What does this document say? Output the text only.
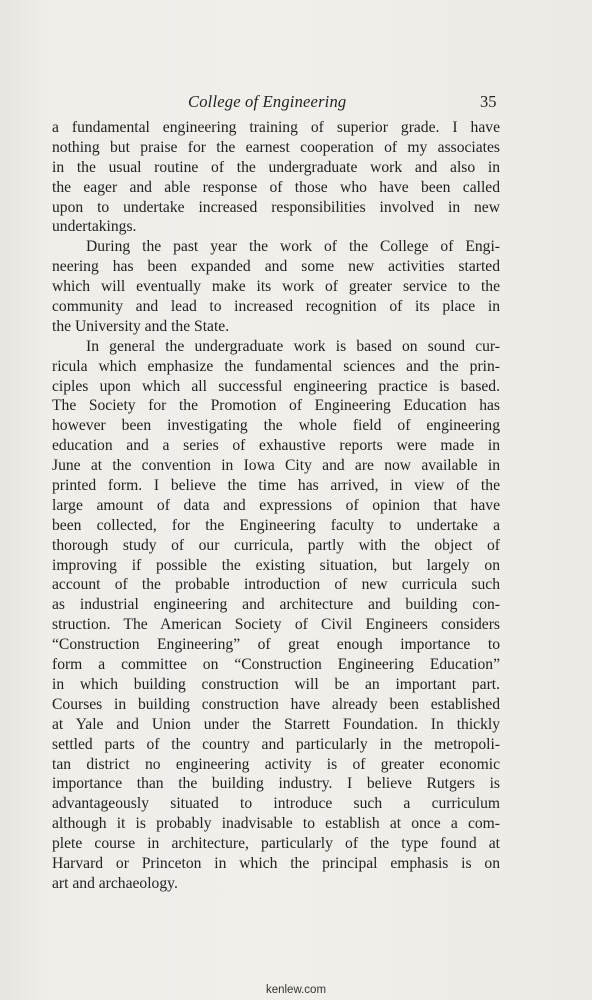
College of Engineering	35
a fundamental engineering training of superior grade. I have
nothing but praise for the earnest cooperation of my associates
in the usual routine of the undergraduate work and also in
the eager and able response of those who have been called
upon to undertake increased responsibilities involved in new
undertakings.
During the past year the work of the College of Engi-
neering has been expanded and some new activities started
which will eventually make its work of greater service to the
community and lead to increased recognition of its place in
the University and the State.
In general the undergraduate work is based on sound cur-
ricula which emphasize the fundamental sciences and the prin-
ciples upon which all successful engineering practice is based.
The Society for the Promotion of Engineering Education has
however been investigating the whole field of engineering
education and a series of exhaustive reports were made in
June at the convention in Iowa City and are now available in
printed form. I believe the time has arrived, in view of the
large amount of data and expressions of opinion that have
been collected, for the Engineering faculty to undertake a
thorough study of our curricula, partly with the object of
improving if possible the existing situation, but largely on
account of the probable introduction of new curricula such
as industrial engineering and architecture and building con-
struction. The American Society of Civil Engineers considers
“Construction Engineering” of great enough importance to
form a committee on “Construction Engineering Education”
in which building construction will be an important part.
Courses in building construction have already been established
at Yale and Union under the Starrett Foundation. In thickly
settled parts of the country and particularly in the metropoli-
tan district no engineering activity is of greater economic
importance than the building industry. I believe Rutgers is
advantageously situated to introduce such a curriculum
although it is probably inadvisable to establish at once a com-
plete course in architecture, particularly of the type found at
Harvard or Princeton in which the principal emphasis is on
art and archaeology.
kenlew.com
